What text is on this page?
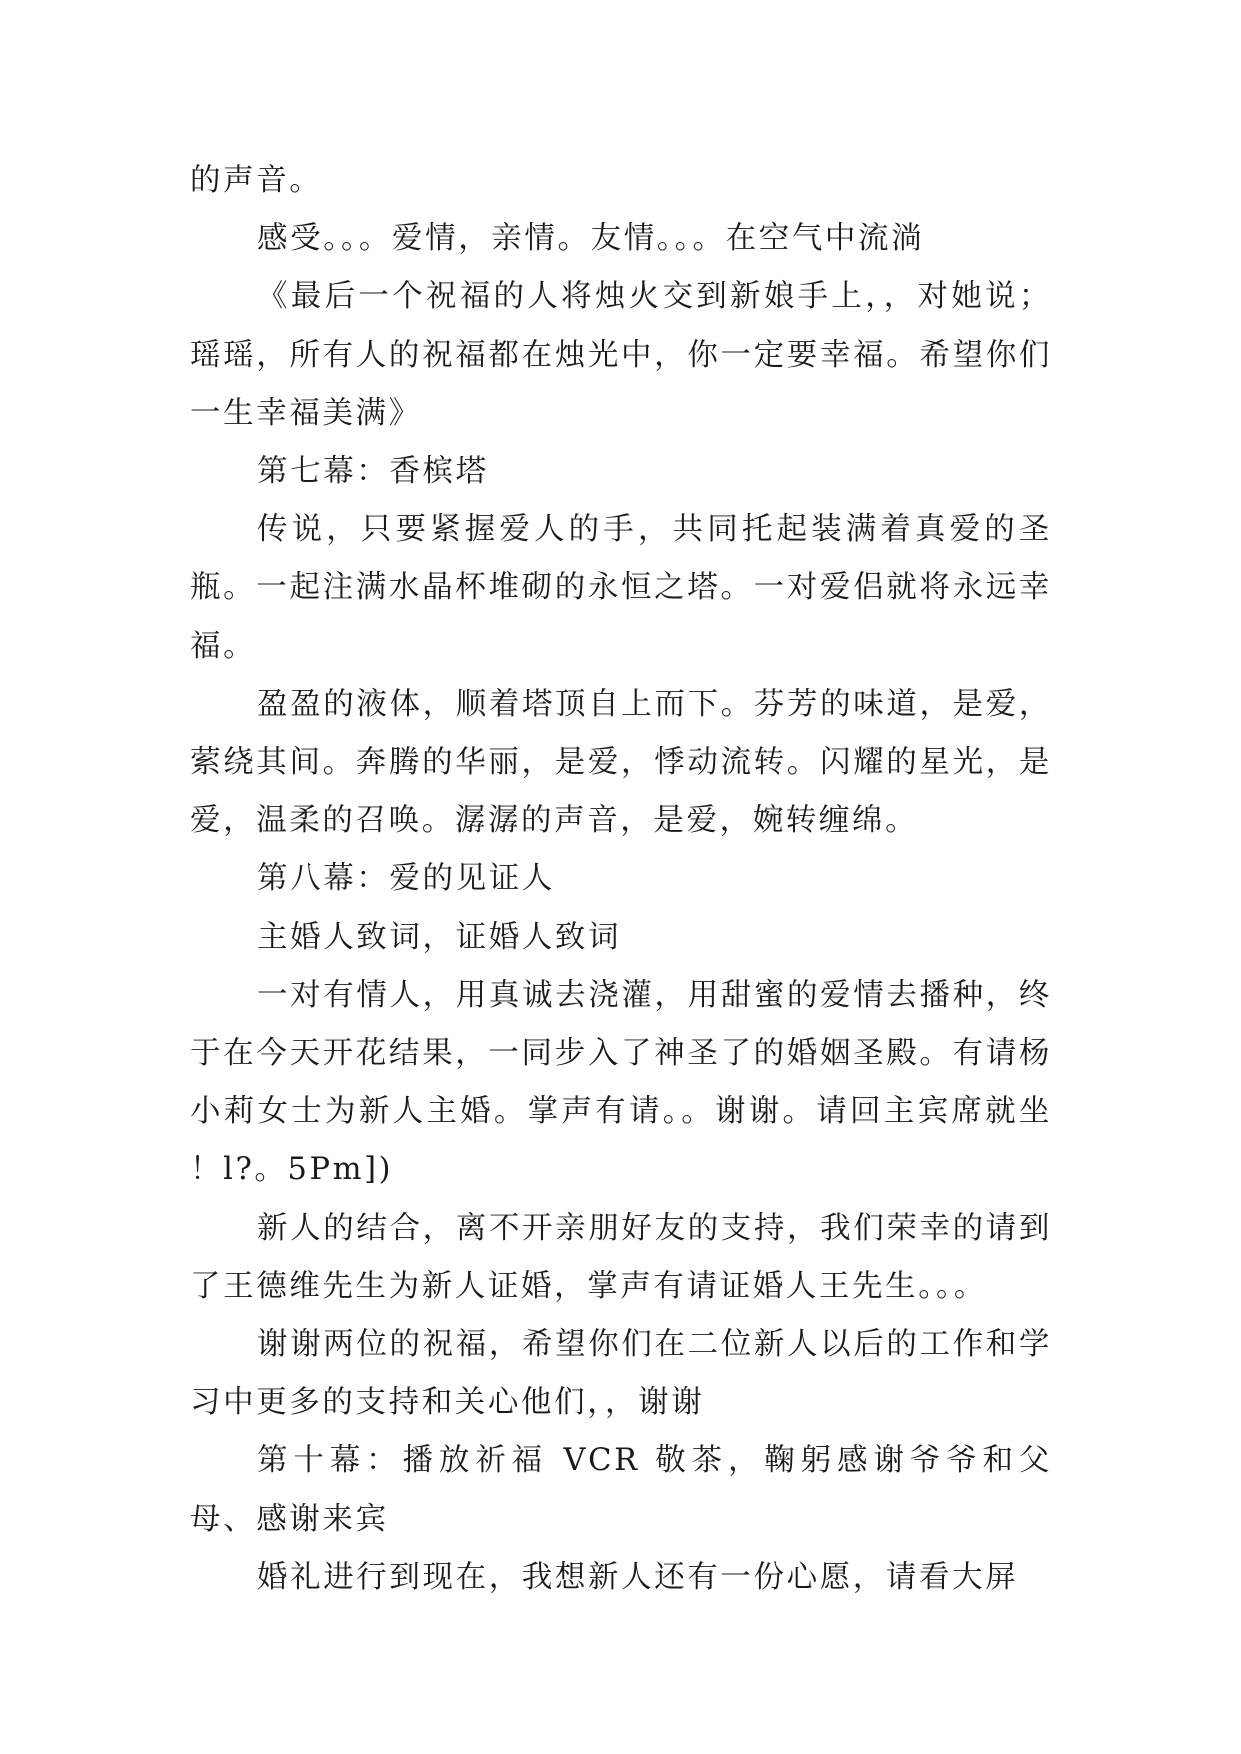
的声音。

感受。。。爱情，亲情。友情。。。在空气中流淌

《最后一个祝福的人将烛火交到新娘手上，，对她说；瑶瑶，所有人的祝福都在烛光中，你一定要幸福。希望你们一生幸福美满》

第七幕：香槟塔

传说，只要紧握爱人的手，共同托起装满着真爱的圣瓶。一起注满水晶杯堆砌的永恒之塔。一对爱侣就将永远幸福。

盈盈的液体，顺着塔顶自上而下。芬芳的味道，是爱，萦绕其间。奔腾的华丽，是爱，悸动流转。闪耀的星光，是爱，温柔的召唤。潺潺的声音，是爱，婉转缠绵。

第八幕：爱的见证人

主婚人致词，证婚人致词

一对有情人，用真诚去浇灌，用甜蜜的爱情去播种，终于在今天开花结果，一同步入了神圣了的婚姻圣殿。有请杨小莉女士为新人主婚。掌声有请。。谢谢。请回主宾席就坐 ！l?。5Pm])

新人的结合，离不开亲朋好友的支持，我们荣幸的请到了王德维先生为新人证婚，掌声有请证婚人王先生。。。

谢谢两位的祝福，希望你们在二位新人以后的工作和学习中更多的支持和关心他们，，谢谢

第十幕：播放祈福 VCR 敬茶，鞠躬感谢爷爷和父母、感谢来宾

婚礼进行到现在，我想新人还有一份心愿，请看大屏
